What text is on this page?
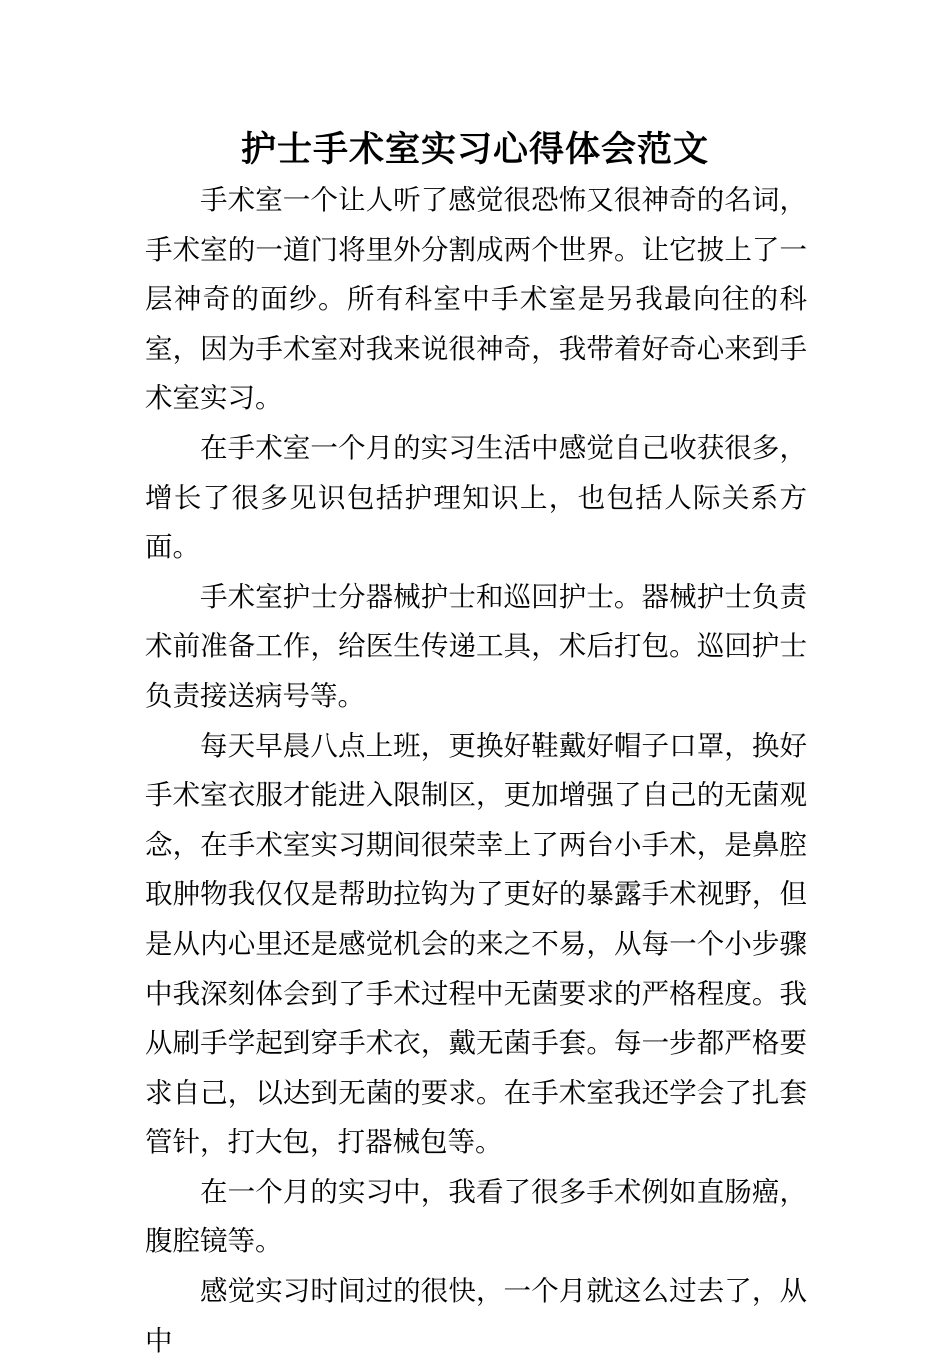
护士手术室实习心得体会范文

手术室一个让人听了感觉很恐怖又很神奇的名词，手术室的一道门将里外分割成两个世界。让它披上了一层神奇的面纱。所有科室中手术室是另我最向往的科室，因为手术室对我来说很神奇，我带着好奇心来到手术室实习。

在手术室一个月的实习生活中感觉自己收获很多，增长了很多见识包括护理知识上，也包括人际关系方面。

手术室护士分器械护士和巡回护士。器械护士负责术前准备工作，给医生传递工具，术后打包。巡回护士负责接送病号等。

每天早晨八点上班，更换好鞋戴好帽子口罩，换好手术室衣服才能进入限制区，更加增强了自己的无菌观念，在手术室实习期间很荣幸上了两台小手术，是鼻腔取肿物我仅仅是帮助拉钩为了更好的暴露手术视野，但是从内心里还是感觉机会的来之不易，从每一个小步骤中我深刻体会到了手术过程中无菌要求的严格程度。我从刷手学起到穿手术衣，戴无菌手套。每一步都严格要求自己，以达到无菌的要求。在手术室我还学会了扎套管针，打大包，打器械包等。

在一个月的实习中，我看了很多手术例如直肠癌，腹腔镜等。

感觉实习时间过的很快，一个月就这么过去了，从中
